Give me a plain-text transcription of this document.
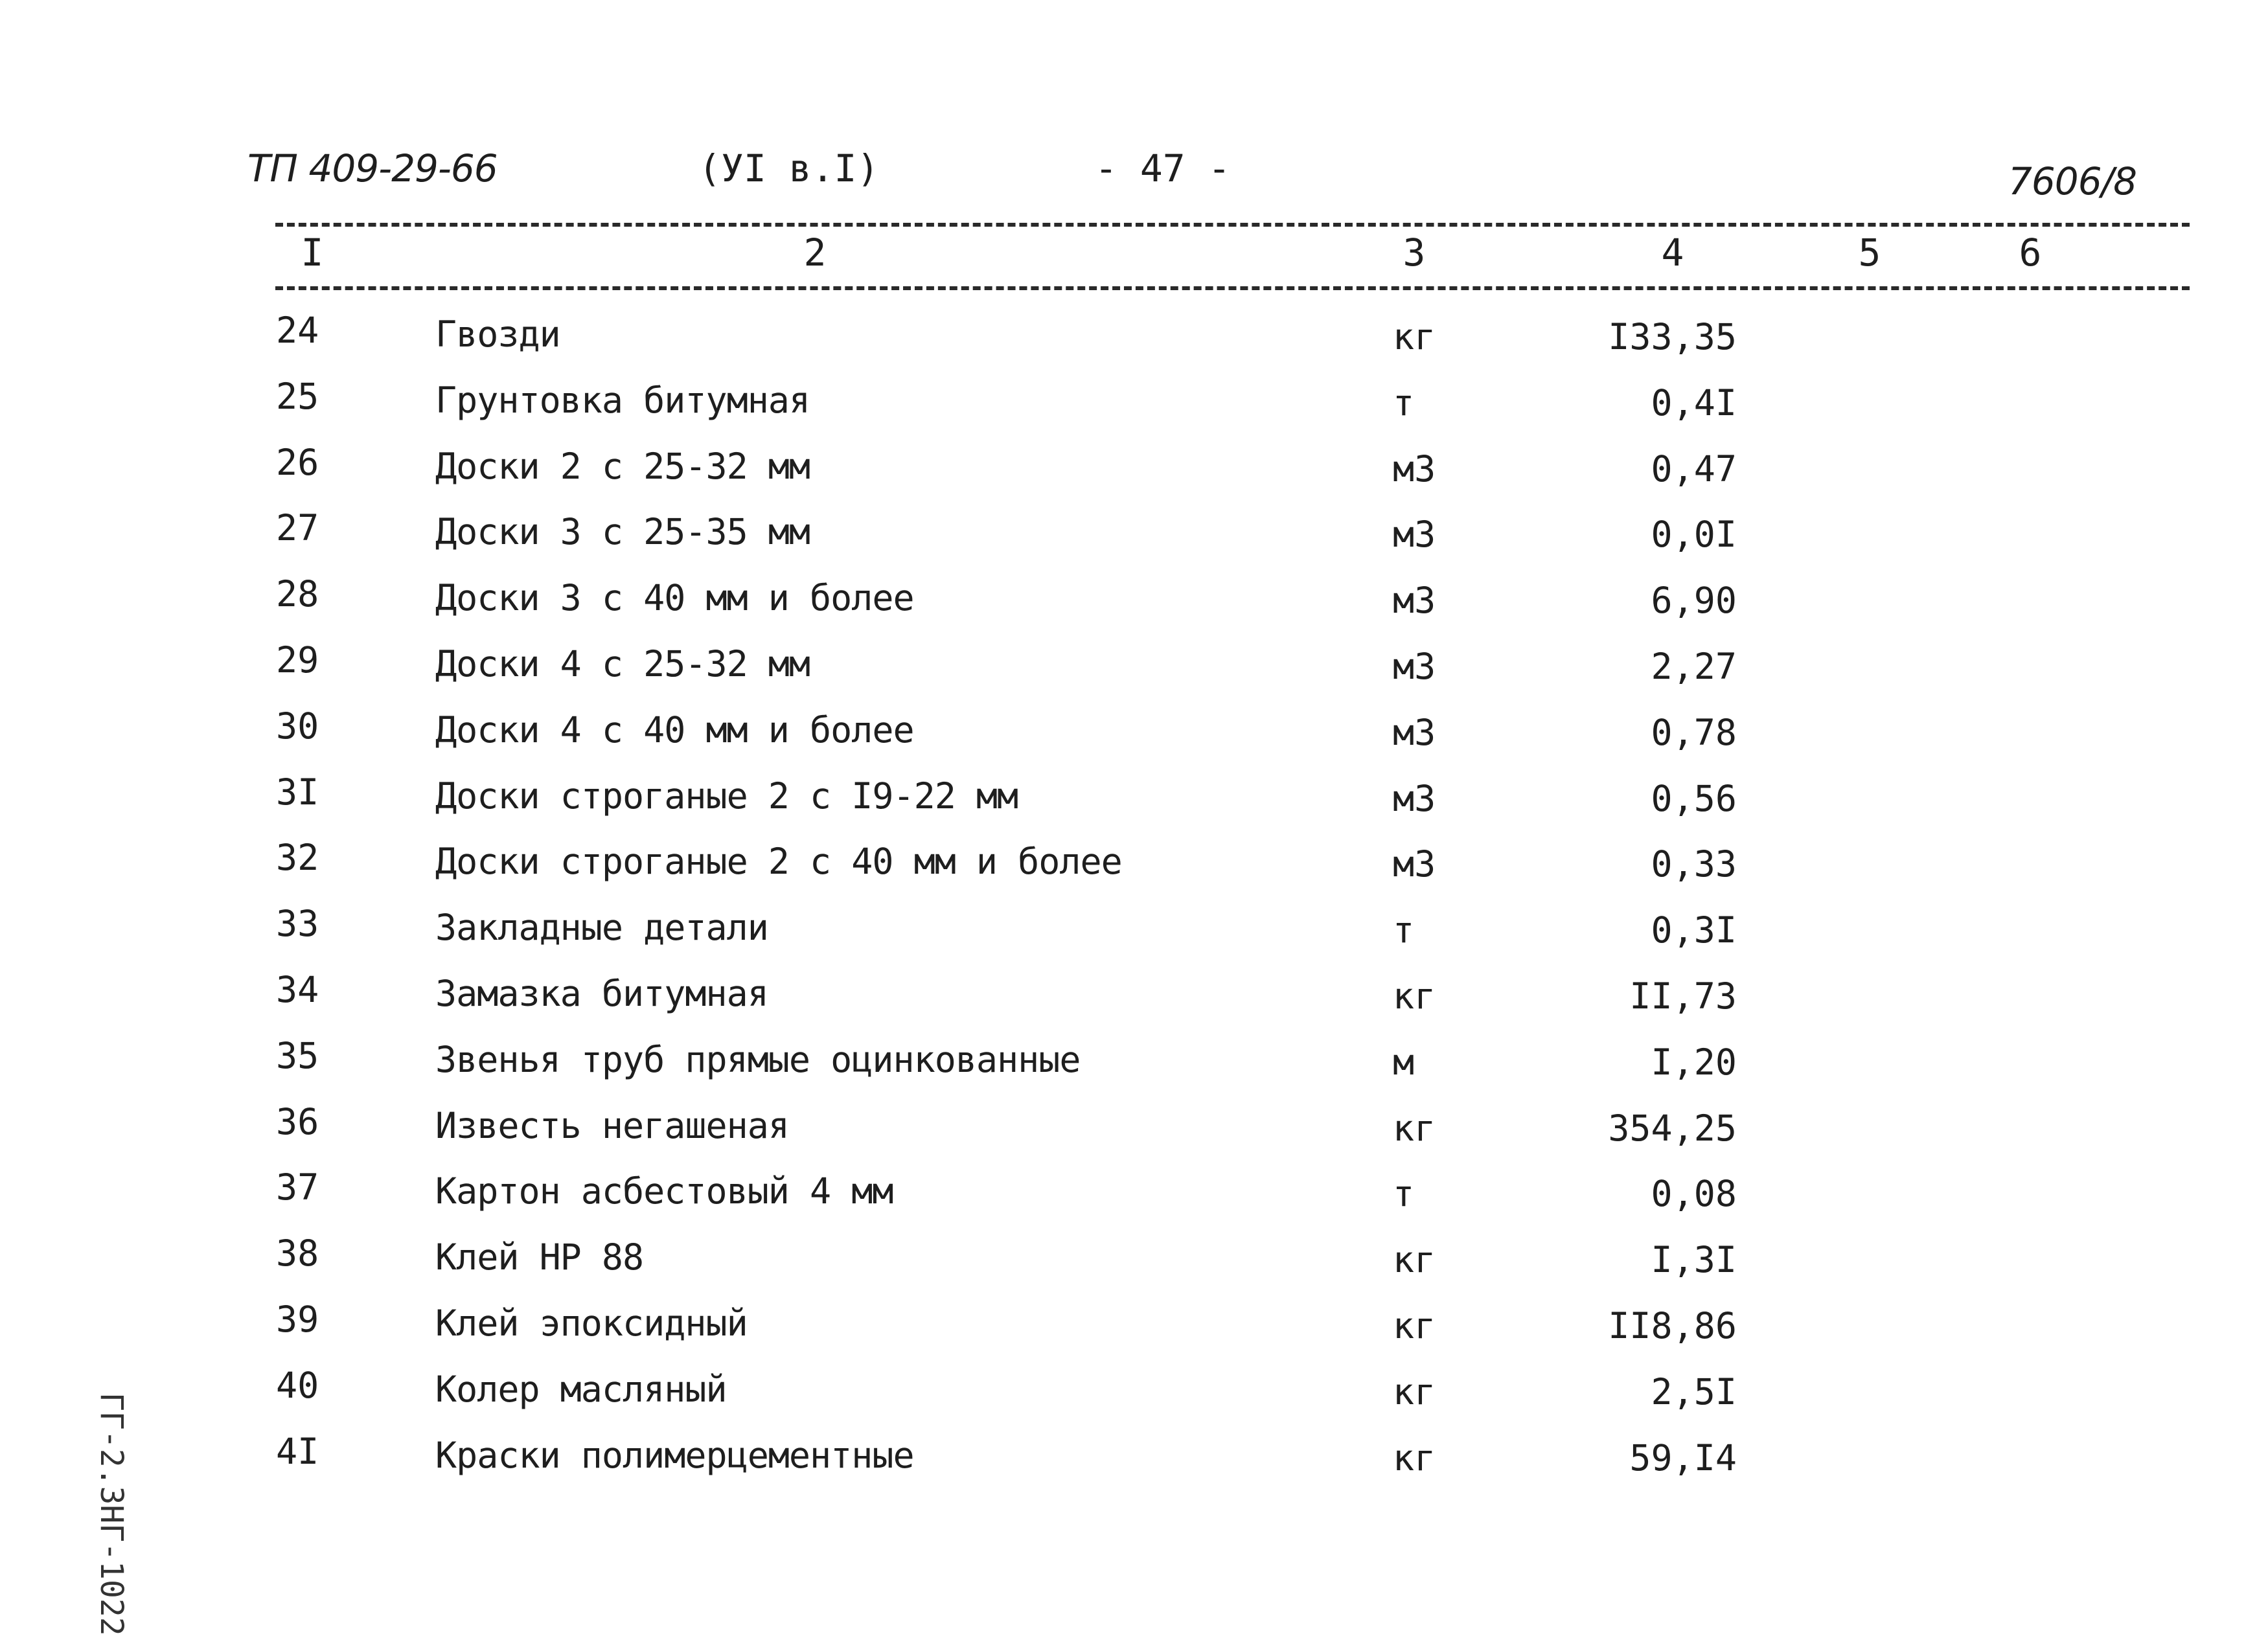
ТП 409-29-66	(УI в.I)	- 47 -	7606/8
I	2	3	4	5	6
24	Гвозди	кг	I33,35
25	Грунтовка битумная	т	0,4I
26	Доски 2 с 25-32 мм	м3	0,47
27	Доски 3 с 25-35 мм	м3	0,0I
28	Доски 3 с 40 мм и более	м3	6,90
29	Доски 4 с 25-32 мм	м3	2,27
30	Доски 4 с 40 мм и более	м3	0,78
3I	Доски строганые 2 с I9-22 мм	м3	0,56
32	Доски строганые 2 с 40 мм и более	м3	0,33
33	Закладные детали	т	0,3I
34	Замазка битумная	кг	II,73
35	Звенья труб прямые оцинкованные	м	I,20
36	Известь негашеная	кг	354,25
37	Картон асбестовый 4 мм	т	0,08
38	Клей НР 88	кг	I,3I
39	Клей эпоксидный	кг	II8,86
40	Колер масляный	кг	2,5I
4I	Краски полимерцементные	кг	59,I4
ГГ-2.ЗНГ-1022
